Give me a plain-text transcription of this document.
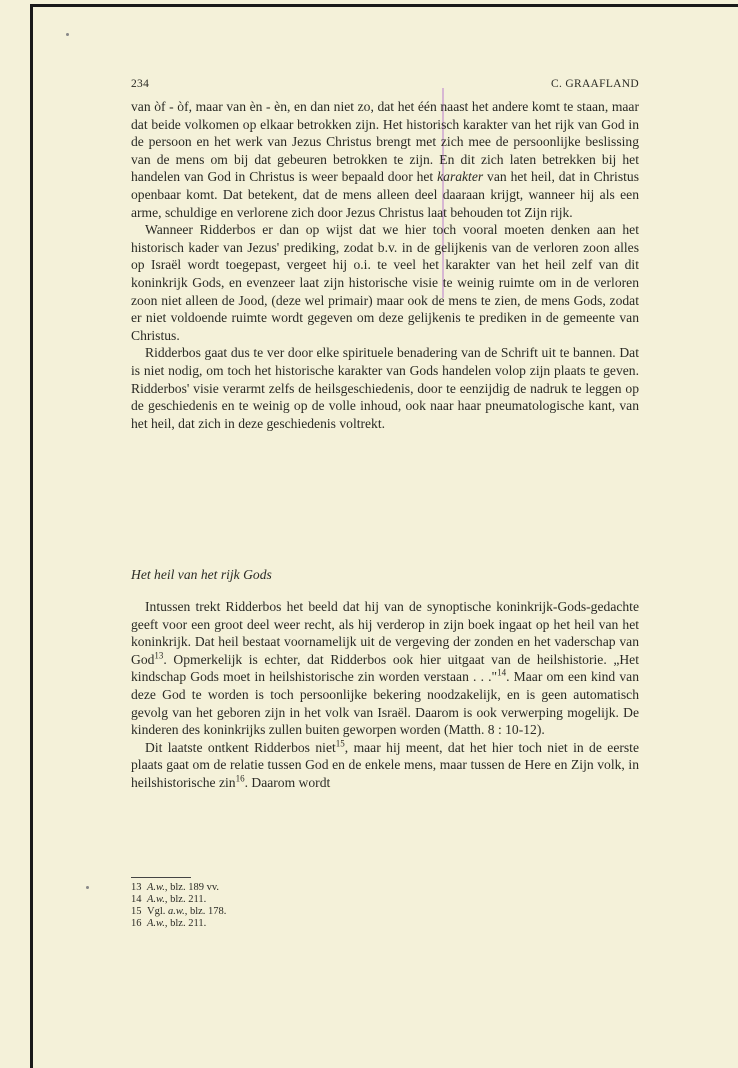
234	C. GRAAFLAND

van òf - òf, maar van èn - èn, en dan niet zo, dat het één naast het andere komt te staan, maar dat beide volkomen op elkaar betrokken zijn. Het historisch karakter van het rijk van God in de persoon en het werk van Jezus Christus brengt met zich mee de persoonlijke beslissing van de mens om bij dat gebeuren betrokken te zijn. En dit zich laten betrekken bij het handelen van God in Christus is weer bepaald door het karakter van het heil, dat in Christus openbaar komt. Dat betekent, dat de mens alleen deel daaraan krijgt, wanneer hij als een arme, schuldige en verlorene zich door Jezus Christus laat behouden tot Zijn rijk.

Wanneer Ridderbos er dan op wijst dat we hier toch vooral moeten denken aan het historisch kader van Jezus' prediking, zodat b.v. in de gelijkenis van de verloren zoon alles op Israël wordt toegepast, vergeet hij o.i. te veel het karakter van het heil zelf van dit koninkrijk Gods, en evenzeer laat zijn historische visie te weinig ruimte om in de verloren zoon niet alleen de Jood, (deze wel primair) maar ook de mens te zien, de mens Gods, zodat er niet voldoende ruimte wordt gegeven om deze gelijkenis te prediken in de gemeente van Christus.

Ridderbos gaat dus te ver door elke spirituele benadering van de Schrift uit te bannen. Dat is niet nodig, om toch het historische karakter van Gods handelen volop zijn plaats te geven. Ridderbos' visie verarmt zelfs de heilsgeschiedenis, door te eenzijdig de nadruk te leggen op de geschiedenis en te weinig op de volle inhoud, ook naar haar pneumatologische kant, van het heil, dat zich in deze geschiedenis voltrekt.

Het heil van het rijk Gods

Intussen trekt Ridderbos het beeld dat hij van de synoptische koninkrijk-Gods-gedachte geeft voor een groot deel weer recht, als hij verderop in zijn boek ingaat op het heil van het koninkrijk. Dat heil bestaat voornamelijk uit de vergeving der zonden en het vaderschap van God$^{13}$. Opmerkelijk is echter, dat Ridderbos ook hier uitgaat van de heilshistorie. „Het kindschap Gods moet in heilshistorische zin worden verstaan . . ."$^{14}$. Maar om een kind van deze God te worden is toch persoonlijke bekering noodzakelijk, en is geen automatisch gevolg van het geboren zijn in het volk van Israël. Daarom is ook verwerping mogelijk. De kinderen des koninkrijks zullen buiten geworpen worden (Matth. 8 : 10-12).

Dit laatste ontkent Ridderbos niet$^{15}$, maar hij meent, dat het hier toch niet in de eerste plaats gaat om de relatie tussen God en de enkele mens, maar tussen de Here en Zijn volk, in heilshistorische zin$^{16}$. Daarom wordt

13 A.w., blz. 189 vv.
14 A.w., blz. 211.
15 Vgl. a.w., blz. 178.
16 A.w., blz. 211.
